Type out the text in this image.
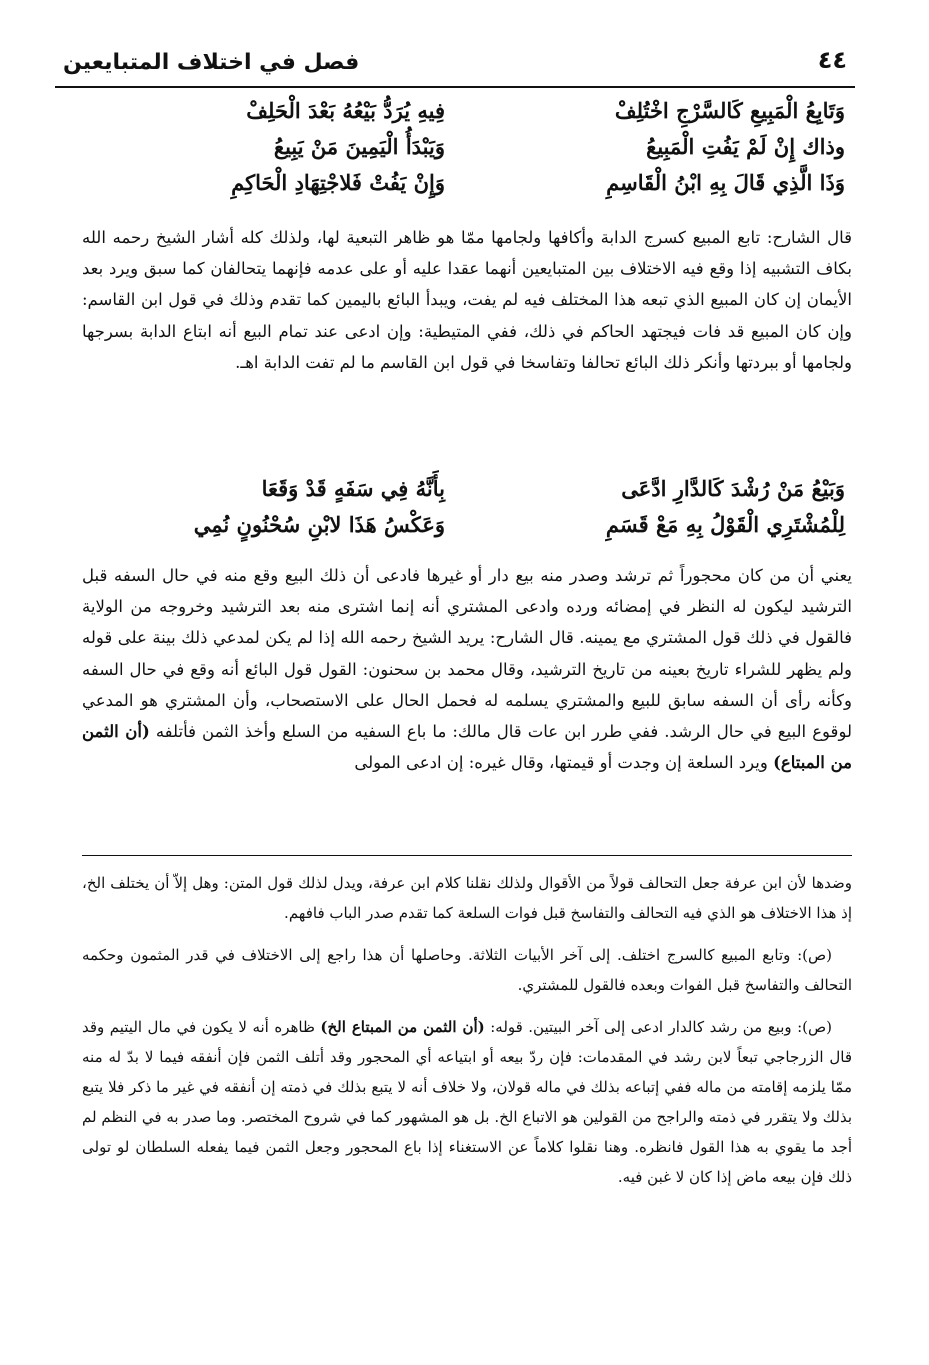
٤٤
فصل في اختلاف المتبايعين
وَتَابِعُ الْمَبِيعِ كَالسَّرْجِ اخْتُلِفْ
فِيهِ يُرَدُّ بَيْعُهُ بَعْدَ الْحَلِفْ
وذاك إِنْ لَمْ يَفُتِ الْمَبِيعُ
وَيَبْدَأُ الْيَمِينَ مَنْ يَبِيعُ
وَذَا الَّذِي قَالَ بِهِ ابْنُ الْقَاسِمِ
وَإِنْ يَفُتْ فَلاجْتِهَادِ الْحَاكِمِ

قال الشارح: تابع المبيع كسرج الدابة وأكافها ولجامها ممّا هو ظاهر التبعية لها، ولذلك كله أشار الشيخ رحمه الله بكاف التشبيه إذا وقع فيه الاختلاف بين المتبايعين أنهما عقدا عليه أو على عدمه فإنهما يتحالفان كما سبق ويرد بعد الأيمان إن كان المبيع الذي تبعه هذا المختلف فيه لم يفت، ويبدأ البائع باليمين كما تقدم وذلك في قول ابن القاسم: وإن كان المبيع قد فات فيجتهد الحاكم في ذلك، ففي المتيطية: وإن ادعى عند تمام البيع أنه ابتاع الدابة بسرجها ولجامها أو ببردتها وأنكر ذلك البائع تحالفا وتفاسخا في قول ابن القاسم ما لم تفت الدابة اهـ.

وَبَيْعُ مَنْ رُشْدَ كَالدَّارِ ادَّعَى
بِأَنَّهُ فِي سَفَهٍ قَدْ وَقَعَا
لِلْمُشْتَرِي الْقَوْلُ بِهِ مَعْ قَسَمِ
وَعَكْسُ هَذَا لابْنِ سُحْنُونٍ نُمِي

يعني أن من كان محجوراً ثم ترشد وصدر منه بيع دار أو غيرها فادعى أن ذلك البيع وقع منه في حال السفه قبل الترشيد ليكون له النظر في إمضائه ورده وادعى المشتري أنه إنما اشترى منه بعد الترشيد وخروجه من الولاية فالقول في ذلك قول المشتري مع يمينه. قال الشارح: يريد الشيخ رحمه الله إذا لم يكن لمدعي ذلك بينة على قوله ولم يظهر للشراء تاريخ بعينه من تاريخ الترشيد، وقال محمد بن سحنون: القول قول البائع أنه وقع في حال السفه وكأنه رأى أن السفه سابق للبيع والمشتري يسلمه له فحمل الحال على الاستصحاب، وأن المشتري هو المدعي لوقوع البيع في حال الرشد. ففي طرر ابن عات قال مالك: ما باع السفيه من السلع وأخذ الثمن فأتلفه (أن الثمن من المبتاع) ويرد السلعة إن وجدت أو قيمتها، وقال غيره: إن ادعى المولى

وضدها لأن ابن عرفة جعل التحالف قولاً من الأقوال ولذلك نقلنا كلام ابن عرفة، ويدل لذلك قول المتن: وهل إلاّ أن يختلف الخ، إذ هذا الاختلاف هو الذي فيه التحالف والتفاسخ قبل فوات السلعة كما تقدم صدر الباب فافهم.

(ص): وتابع المبيع كالسرج اختلف. إلى آخر الأبيات الثلاثة. وحاصلها أن هذا راجع إلى الاختلاف في قدر المثمون وحكمه التحالف والتفاسخ قبل الفوات وبعده فالقول للمشتري.

(ص): وبيع من رشد كالدار ادعى إلى آخر البيتين. قوله: (أن الثمن من المبتاع الخ) ظاهره أنه لا يكون في مال اليتيم وقد قال الزرجاجي تبعاً لابن رشد في المقدمات: فإن ردّ بيعه أو ابتياعه أي المحجور وقد أتلف الثمن فإن أنفقه فيما لا بدّ له منه ممّا يلزمه إقامته من ماله ففي إتباعه بذلك في ماله قولان، ولا خلاف أنه لا يتبع بذلك في ذمته إن أنفقه في غير ما ذكر فلا يتبع بذلك ولا يتقرر في ذمته والراجح من القولين هو الاتباع الخ. بل هو المشهور كما في شروح المختصر. وما صدر به في النظم لم أجد ما يقوي به هذا القول فانظره. وهنا نقلوا كلاماً عن الاستغناء إذا باع المحجور وجعل الثمن فيما يفعله السلطان لو تولى ذلك فإن بيعه ماض إذا كان لا غبن فيه.
